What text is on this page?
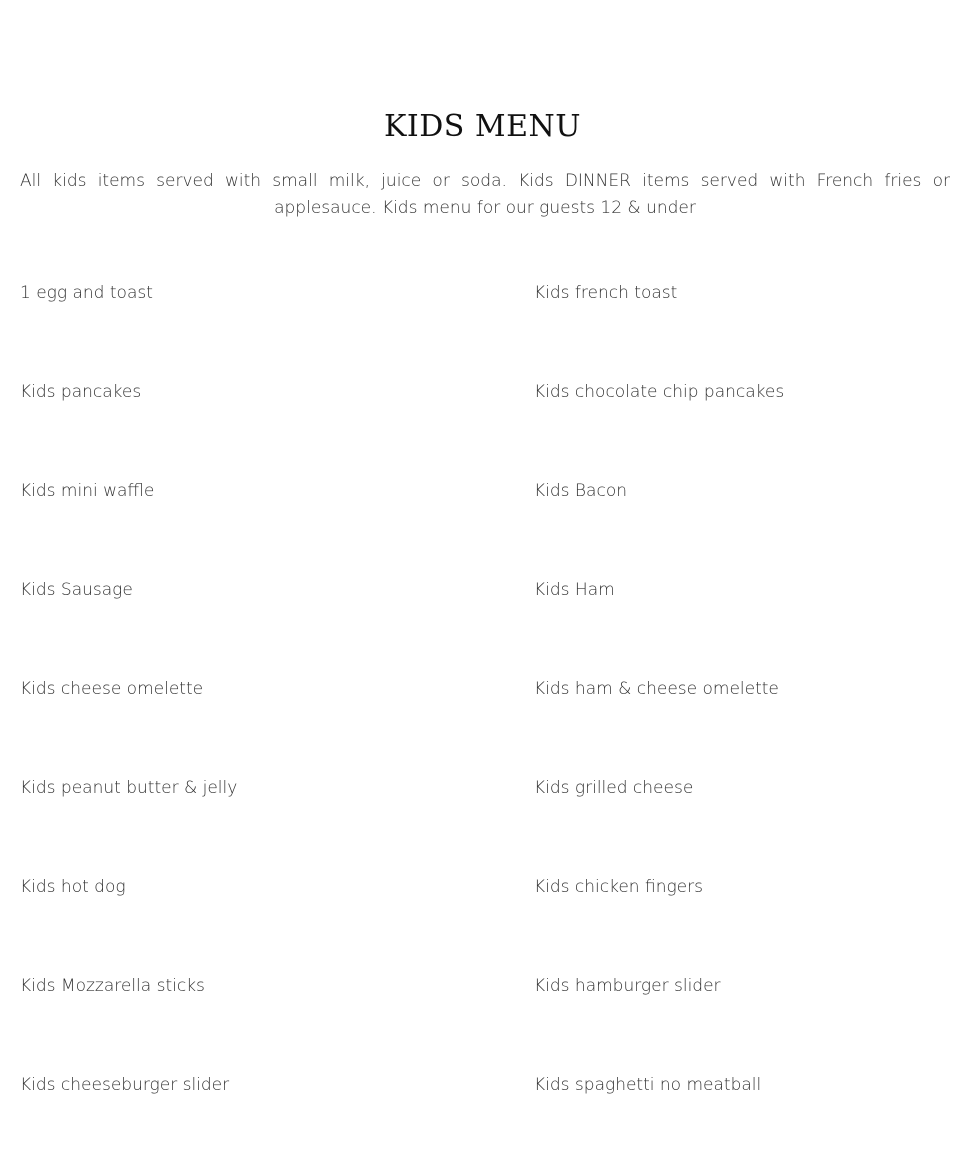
KIDS MENU

All kids items served with small milk, juice or soda. Kids DINNER items served with French fries or applesauce. Kids menu for our guests 12 & under

1 egg and toast	Kids french toast
Kids pancakes	Kids chocolate chip pancakes
Kids mini waffle	Kids Bacon
Kids Sausage	Kids Ham
Kids cheese omelette	Kids ham & cheese omelette
Kids peanut butter & jelly	Kids grilled cheese
Kids hot dog	Kids chicken fingers
Kids Mozzarella sticks	Kids hamburger slider
Kids cheeseburger slider	Kids spaghetti no meatball
